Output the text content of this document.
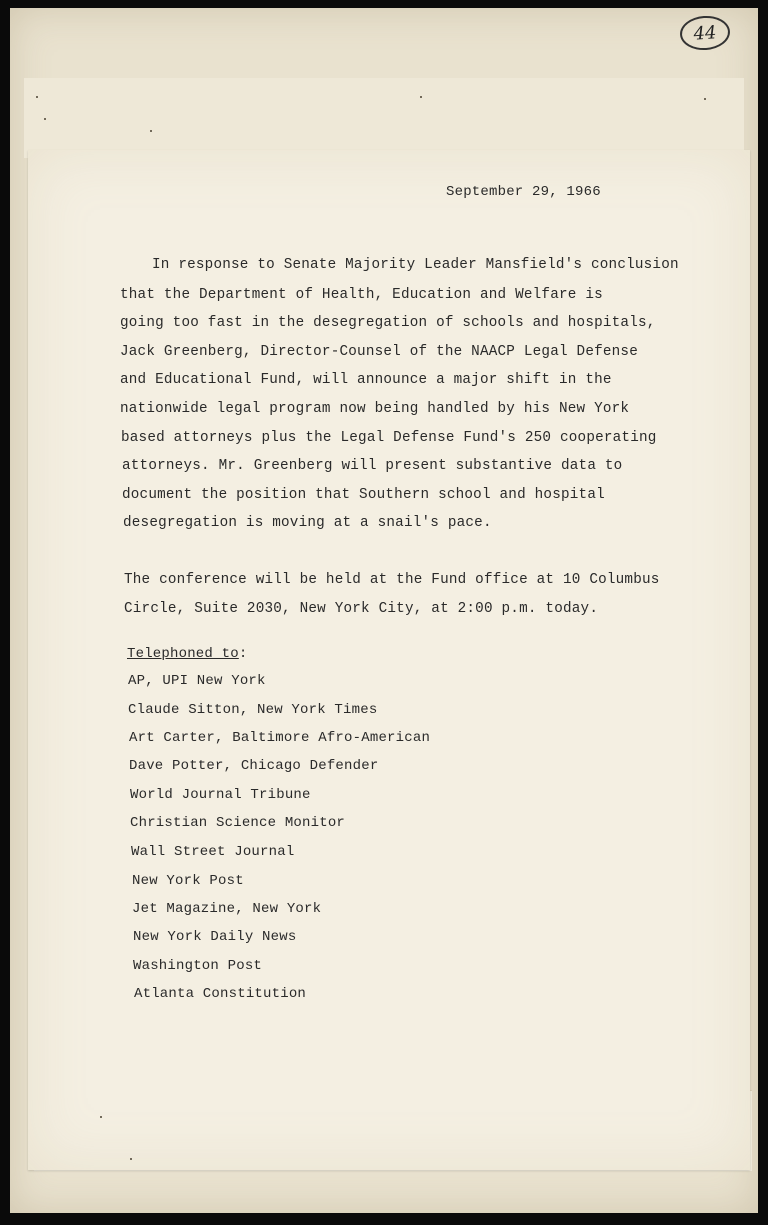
44
September 29, 1966
In response to Senate Majority Leader Mansfield's conclusion
that the Department of Health, Education and Welfare is
going too fast in the desegregation of schools and hospitals,
Jack Greenberg, Director-Counsel of the NAACP Legal Defense
and Educational Fund, will announce a major shift in the
nationwide legal program now being handled by his New York
based attorneys plus the Legal Defense Fund's 250 cooperating
attorneys. Mr. Greenberg will present substantive data to
document the position that Southern school and hospital
desegregation is moving at a snail's pace.
The conference will be held at the Fund office at 10 Columbus
Circle, Suite 2030, New York City, at 2:00 p.m. today.
Telephoned to:
AP, UPI New York
Claude Sitton, New York Times
Art Carter, Baltimore Afro-American
Dave Potter, Chicago Defender
World Journal Tribune
Christian Science Monitor
Wall Street Journal
New York Post
Jet Magazine, New York
New York Daily News
Washington Post
Atlanta Constitution
